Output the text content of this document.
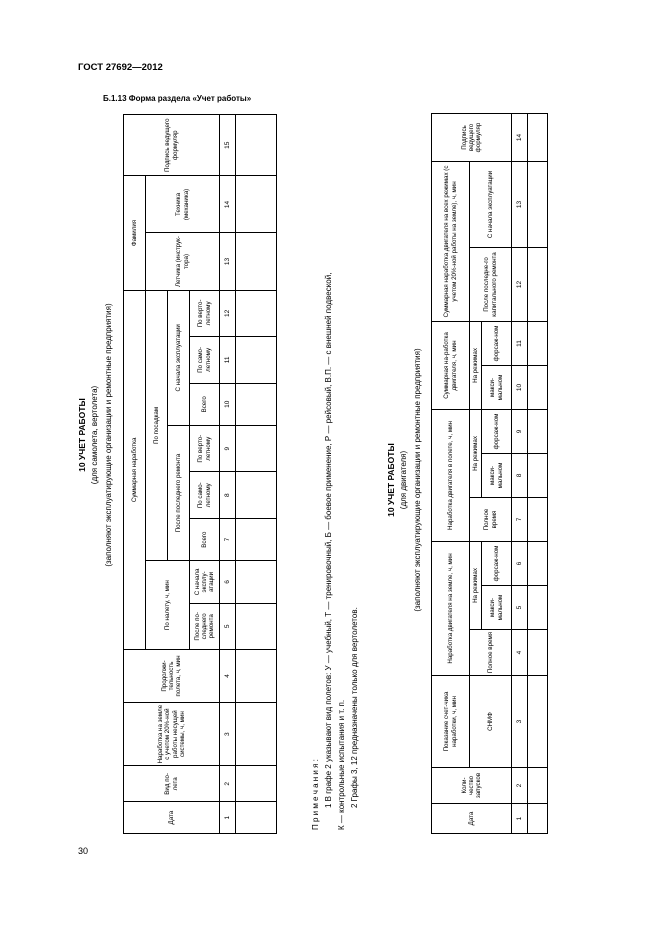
ГОСТ 27692—2012
Б.1.13 Форма раздела «Учет работы»
30
10 УЧЕТ РАБОТЫ (для самолета, вертолета) (заполняют эксплуатирующие организации и ремонтные предприятия)
Дата	Вид по-лета	Наработка на земле с учетом 20%-ной работы несущей системы, ч, мин	Продолжи-тельность полета, ч, мин	Суммарная наработка								Фамилия		Подпись ведущего формуляр
				По налету, ч, мин		По посадкам						Летчика (инструк-тора)	Техника (механика)	
						После последнего ремонта			С начала эксплуатации					
				После по-следнего ремонта	С начала эксплу-атации	Всего	По само-летному	По верто-летному	Всего	По само-летному	По верто-летному			
1	2	3	4	5	6	7	8	9	10	11	12	13	14	15

П р и м е ч а н и я : 1 В графе 2 указывают вид полетов: У — учебный, Т — тренировочный, Б — боевое применение, Р — рейсовый, В.П. — с внешней подвеской, К — контрольные испытания и т. п. 2 Графы 3, 12 предназначены только для вертолетов.
10 УЧЕТ РАБОТЫ (для двигателя) (заполняют эксплуатирующие организации и ремонтные предприятия)
Дата	Коли-чество запусков	Показание счет-чика наработки, ч, мин	Наработка двигателя на земле, ч, мин			Наработка двигателя в полете, ч, мин			Суммарная на-работка двигателя, ч, мин		Суммарная наработка двигателя на всех режимах (с учетом 20%-ной работы на земле), ч, мин		Подпись ведущего формуляр
		СНМФ	Полное время	На режимах		Полное время	На режимах		На режимах		После последне-го капитального ремонта	С начала эксплуатации	
				макси-мальном	форсаж-ном		макси-мальном	форсаж-ном	макси-мальном	форсаж-ном			
1	2	3	4	5	6	7	8	9	10	11	12	13	14
